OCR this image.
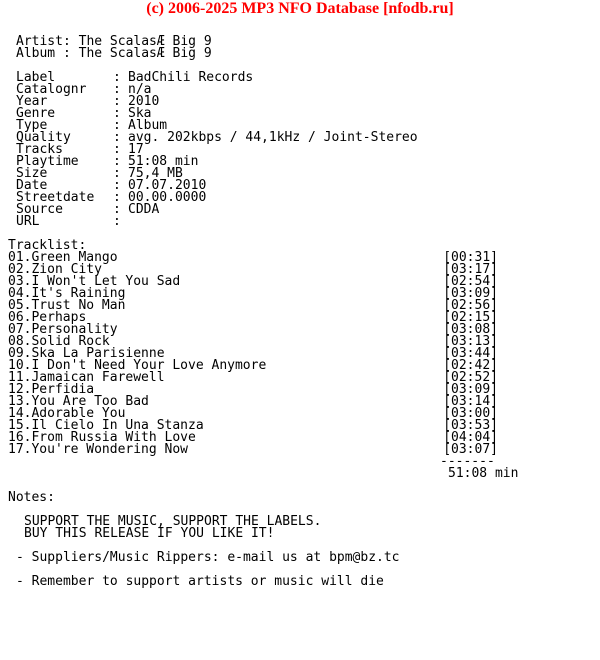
(c) 2006-2025 MP3 NFO Database [nfodb.ru]
Artist: The ScalasÆ Big 9
Album : The ScalasÆ Big 9
Label	: BadChili Records
Catalognr	: n/a
Year	: 2010
Genre	: Ska
Type	: Album
Quality	: avg. 202kbps / 44,1kHz / Joint-Stereo
Tracks	: 17
Playtime	: 51:08 min
Size	: 75,4 MB
Date	: 07.07.2010
Streetdate	: 00.00.0000
Source	: CDDA
URL	:
Tracklist:
01.Green Mango	[00:31]
02.Zion City	[03:17]
03.I Won't Let You Sad	[02:54]
04.It's Raining	[03:09]
05.Trust No Man	[02:56]
06.Perhaps	[02:15]
07.Personality	[03:08]
08.Solid Rock	[03:13]
09.Ska La Parisienne	[03:44]
10.I Don't Need Your Love Anymore	[02:42]
11.Jamaican Farewell	[02:52]
12.Perfidia	[03:09]
13.You Are Too Bad	[03:14]
14.Adorable You	[03:00]
15.Il Cielo In Una Stanza	[03:53]
16.From Russia With Love	[04:04]
17.You're Wondering Now	[03:07]
-------
51:08 min
Notes:
SUPPORT THE MUSIC, SUPPORT THE LABELS.
BUY THIS RELEASE IF YOU LIKE IT!
- Suppliers/Music Rippers: e-mail us at bpm@bz.tc
- Remember to support artists or music will die
